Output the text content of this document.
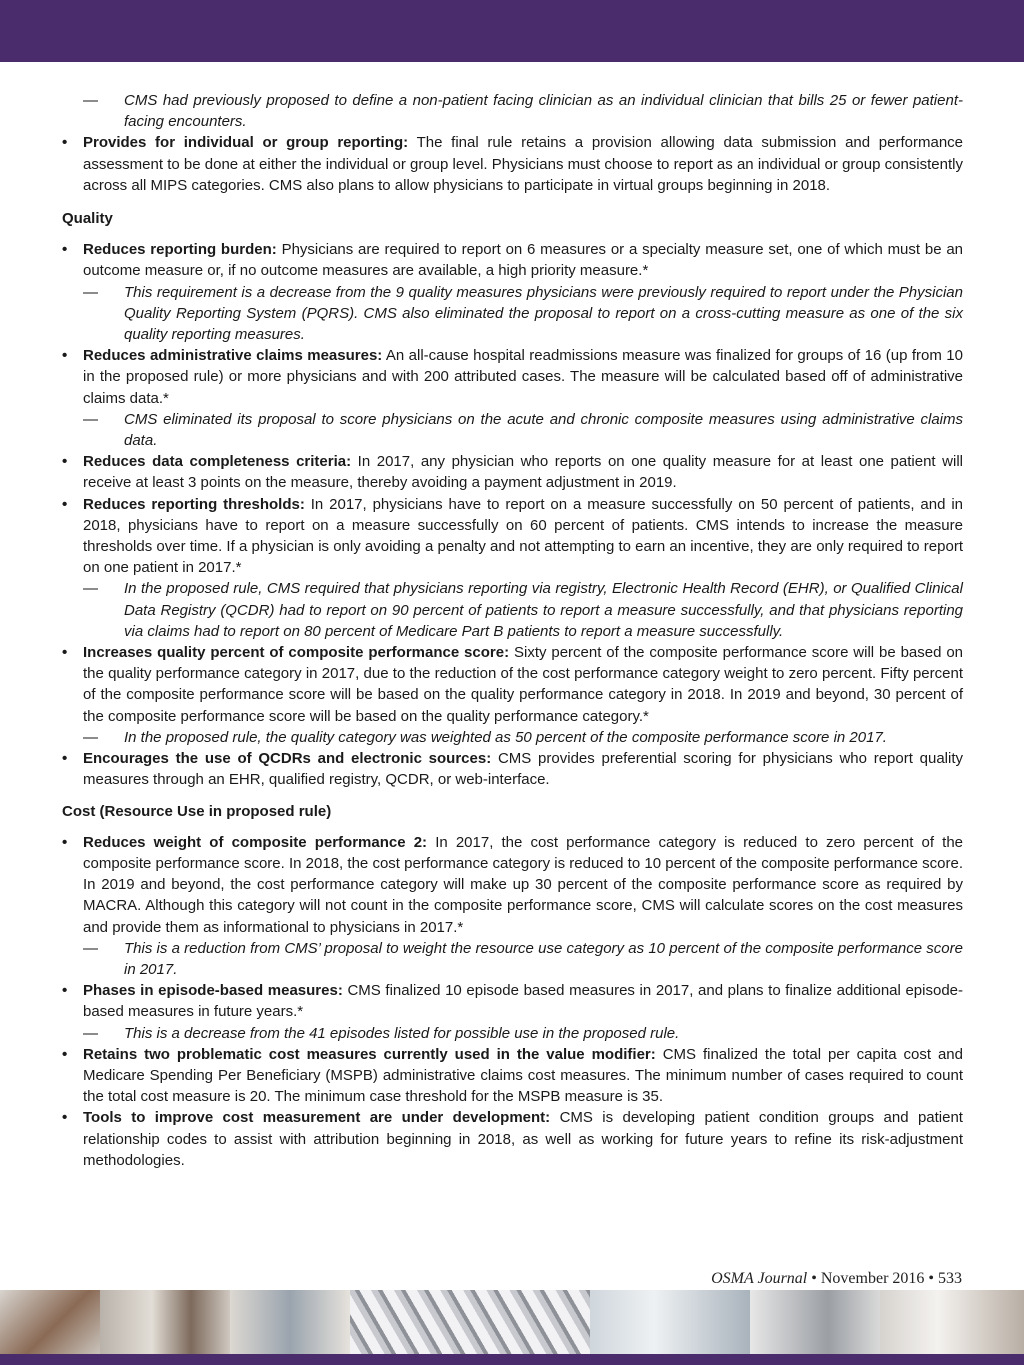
— CMS had previously proposed to define a non-patient facing clinician as an individual clinician that bills 25 or fewer patient-facing encounters.

• Provides for individual or group reporting: The final rule retains a provision allowing data submission and performance assessment to be done at either the individual or group level. Physicians must choose to report as an individual or group consistently across all MIPS categories. CMS also plans to allow physicians to participate in virtual groups beginning in 2018.

Quality

• Reduces reporting burden: Physicians are required to report on 6 measures or a specialty measure set, one of which must be an outcome measure or, if no outcome measures are available, a high priority measure.*

— This requirement is a decrease from the 9 quality measures physicians were previously required to report under the Physician Quality Reporting System (PQRS). CMS also eliminated the proposal to report on a cross-cutting measure as one of the six quality reporting measures.

• Reduces administrative claims measures: An all-cause hospital readmissions measure was finalized for groups of 16 (up from 10 in the proposed rule) or more physicians and with 200 attributed cases. The measure will be calculated based off of administrative claims data.*

— CMS eliminated its proposal to score physicians on the acute and chronic composite measures using administrative claims data.

• Reduces data completeness criteria: In 2017, any physician who reports on one quality measure for at least one patient will receive at least 3 points on the measure, thereby avoiding a payment adjustment in 2019.

• Reduces reporting thresholds: In 2017, physicians have to report on a measure successfully on 50 percent of patients, and in 2018, physicians have to report on a measure successfully on 60 percent of patients. CMS intends to increase the measure thresholds over time. If a physician is only avoiding a penalty and not attempting to earn an incentive, they are only required to report on one patient in 2017.*

— In the proposed rule, CMS required that physicians reporting via registry, Electronic Health Record (EHR), or Qualified Clinical Data Registry (QCDR) had to report on 90 percent of patients to report a measure successfully, and that physicians reporting via claims had to report on 80 percent of Medicare Part B patients to report a measure successfully.

• Increases quality percent of composite performance score: Sixty percent of the composite performance score will be based on the quality performance category in 2017, due to the reduction of the cost performance category weight to zero percent. Fifty percent of the composite performance score will be based on the quality performance category in 2018. In 2019 and beyond, 30 percent of the composite performance score will be based on the quality performance category.*

— In the proposed rule, the quality category was weighted as 50 percent of the composite performance score in 2017.

• Encourages the use of QCDRs and electronic sources: CMS provides preferential scoring for physicians who report quality measures through an EHR, qualified registry, QCDR, or web-interface.

Cost (Resource Use in proposed rule)

• Reduces weight of composite performance 2: In 2017, the cost performance category is reduced to zero percent of the composite performance score. In 2018, the cost performance category is reduced to 10 percent of the composite performance score. In 2019 and beyond, the cost performance category will make up 30 percent of the composite performance score as required by MACRA. Although this category will not count in the composite performance score, CMS will calculate scores on the cost measures and provide them as informational to physicians in 2017.*

— This is a reduction from CMS’ proposal to weight the resource use category as 10 percent of the composite performance score in 2017.

• Phases in episode-based measures: CMS finalized 10 episode based measures in 2017, and plans to finalize additional episode-based measures in future years.*

— This is a decrease from the 41 episodes listed for possible use in the proposed rule.

• Retains two problematic cost measures currently used in the value modifier: CMS finalized the total per capita cost and Medicare Spending Per Beneficiary (MSPB) administrative claims cost measures. The minimum number of cases required to count the total cost measure is 20. The minimum case threshold for the MSPB measure is 35.

• Tools to improve cost measurement are under development: CMS is developing patient condition groups and patient relationship codes to assist with attribution beginning in 2018, as well as working for future years to refine its risk-adjustment methodologies.

OSMA Journal • November 2016 • 533
